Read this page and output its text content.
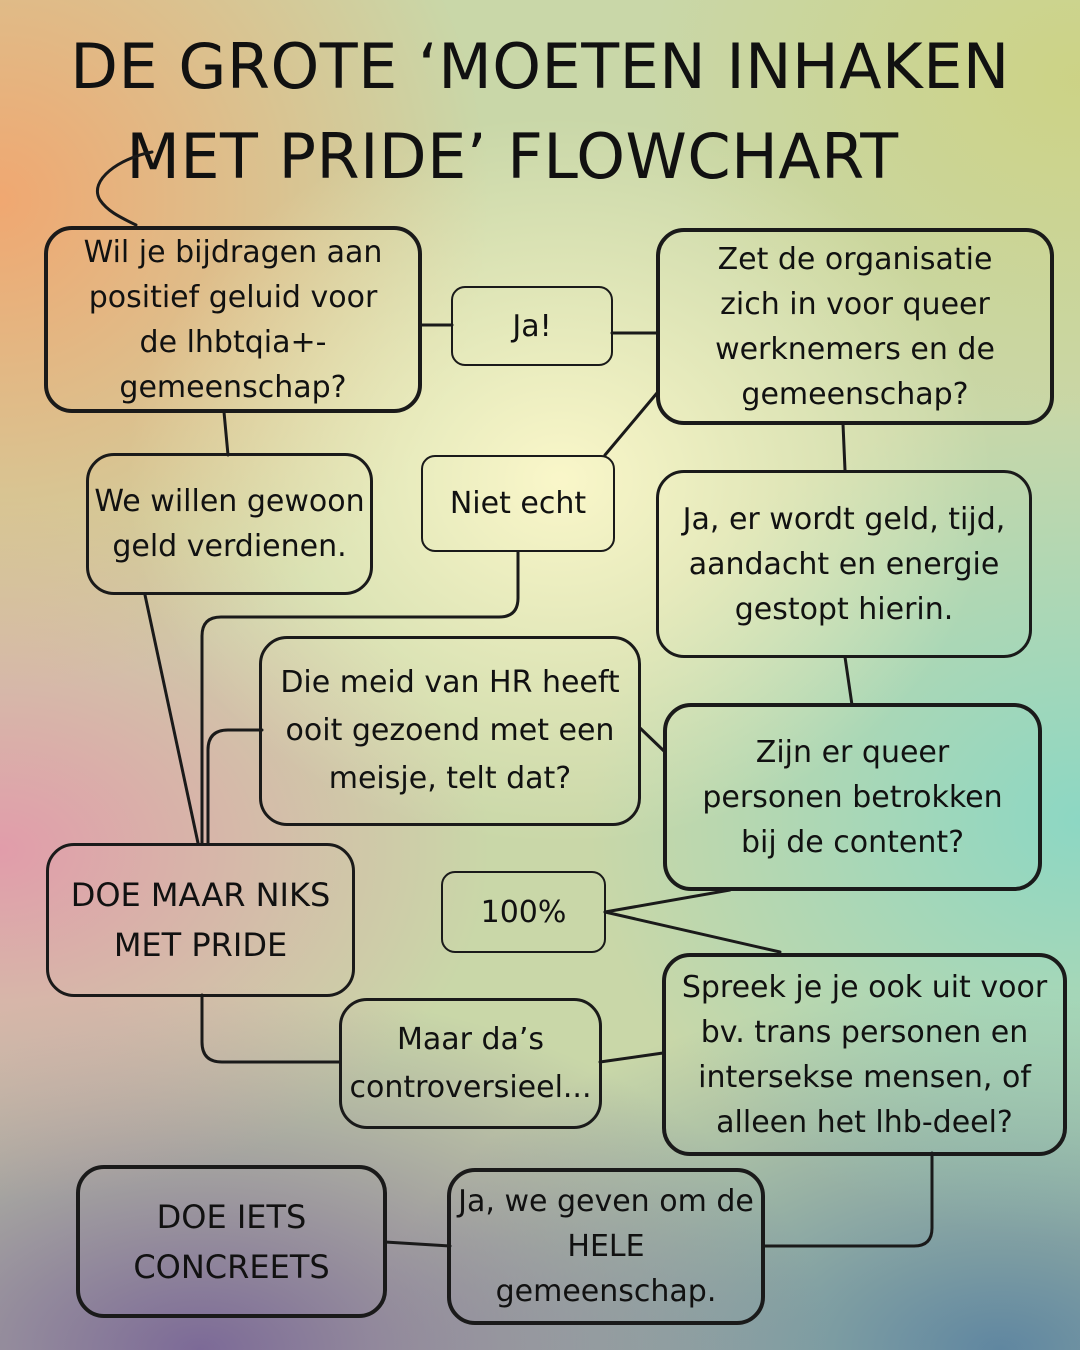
DE GROTE ‘MOETEN INHAKEN

MET PRIDE’ FLOWCHART
Wil je bijdragen aan positief geluid voor de lhbtqia+-gemeenschap?
Ja!
Zet de organisatie zich in voor queer werknemers en de gemeenschap?
We willen gewoon geld verdienen.
Niet echt	Ja, er wordt geld, tijd, aandacht en energie gestopt hierin.
Die meid van HR heeft ooit gezoend met een meisje, telt dat?
Zijn er queer personen betrokken bij de content?
DOE MAAR NIKS MET PRIDE
100%
Spreek je je ook uit voor bv. trans personen en intersekse mensen, of alleen het lhb-deel?
Maar da’s controversieel...
DOE IETS CONCREETS
Ja, we geven om de HELE gemeenschap.
